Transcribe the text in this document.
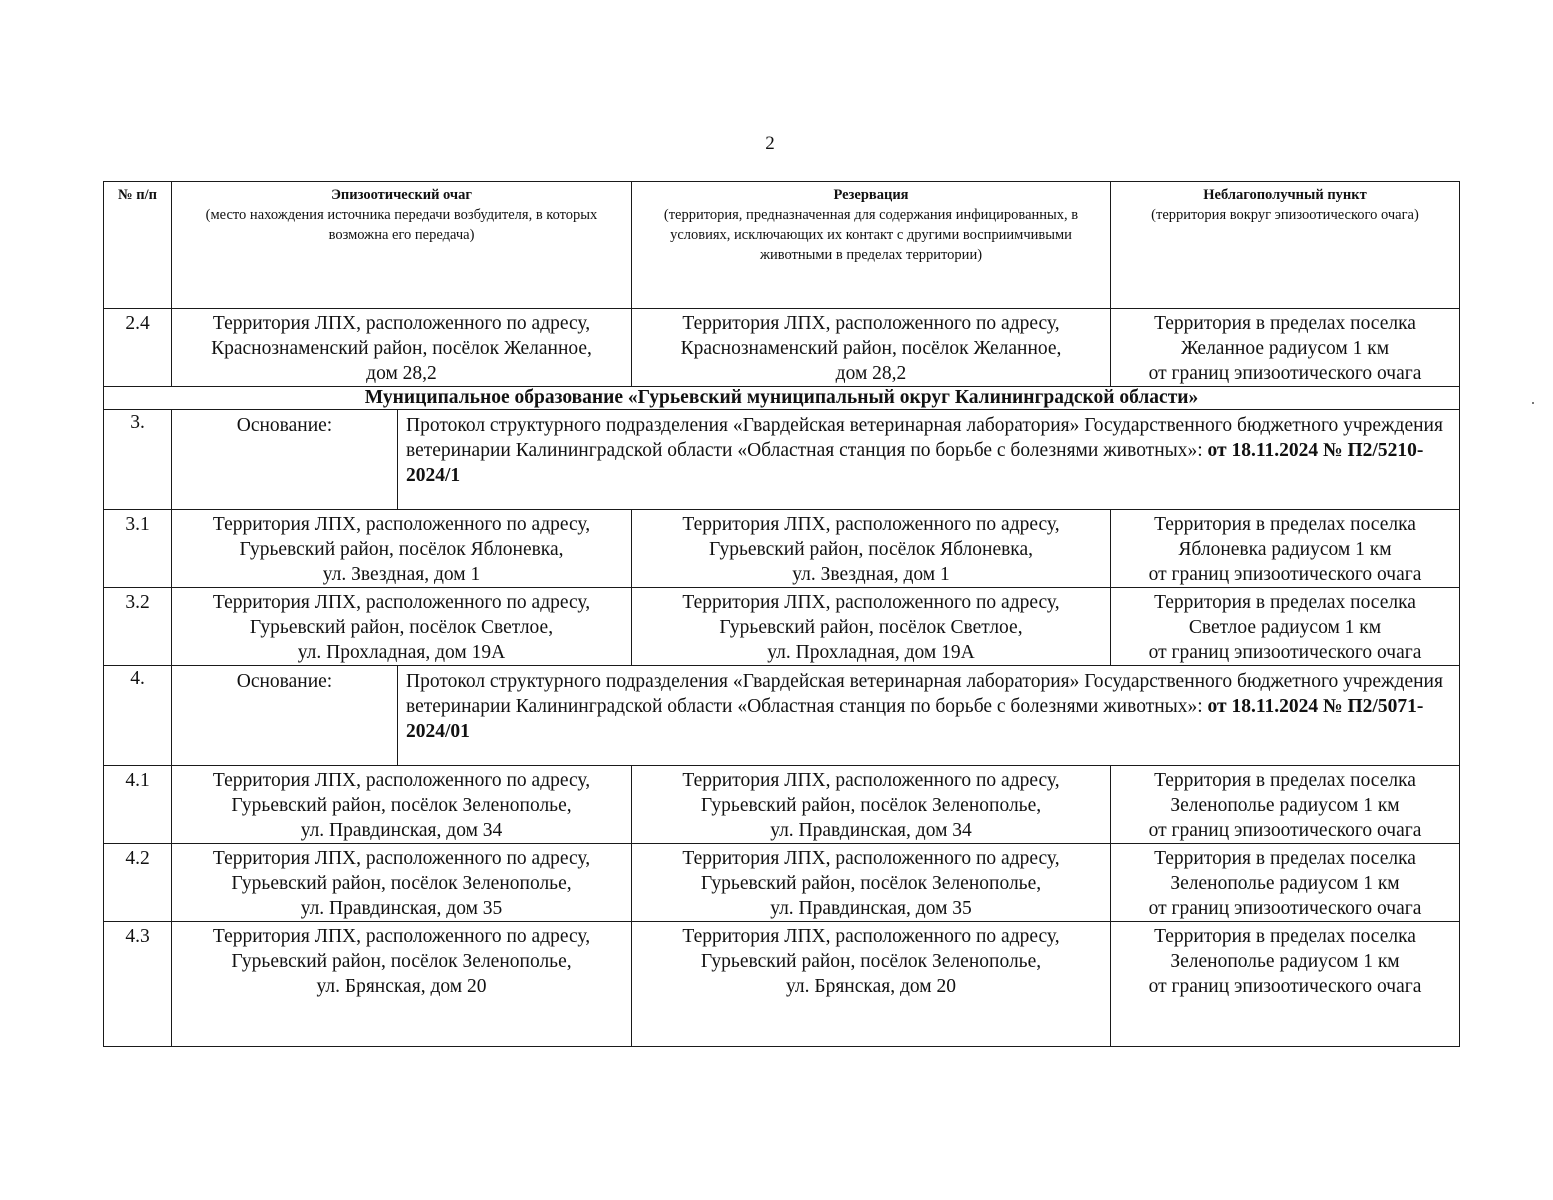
2
№ п/п	Эпизоотический очаг
(место нахождения источника передачи возбудителя, в которых возможна его передача)		Резервация
(территория, предназначенная для содержания инфицированных, в условиях, исключающих их контакт с другими восприимчивыми животными в пределах территории)	Неблагополучный пункт
(территория вокруг эпизоотического очага)

2.4	Территория ЛПХ, расположенного по адресу,
Краснознаменский район, посёлок Желанное,
дом 28,2		Территория ЛПХ, расположенного по адресу,
Краснознаменский район, посёлок Желанное,
дом 28,2	Территория в пределах поселка
Желанное радиусом 1 км
от границ эпизоотического очага

Муниципальное образование «Гурьевский муниципальный округ Калининградской области»				
3.	Основание:	Протокол структурного подразделения «Гвардейская ветеринарная лаборатория» Государственного бюджетного учреждения ветеринарии Калининградской области «Областная станция по борьбе с болезнями животных»: от 18.11.2024 № П2/5210-2024/1		
3.1	Территория ЛПХ, расположенного по адресу,
Гурьевский район, посёлок Яблоневка,
ул. Звездная, дом 1		Территория ЛПХ, расположенного по адресу,
Гурьевский район, посёлок Яблоневка,
ул. Звездная, дом 1	Территория в пределах поселка
Яблоневка радиусом 1 км
от границ эпизоотического очага

3.2	Территория ЛПХ, расположенного по адресу,
Гурьевский район, посёлок Светлое,
ул. Прохладная, дом 19А		Территория ЛПХ, расположенного по адресу,
Гурьевский район, посёлок Светлое,
ул. Прохладная, дом 19А	Территория в пределах поселка
Светлое радиусом 1 км
от границ эпизоотического очага

4.	Основание:	Протокол структурного подразделения «Гвардейская ветеринарная лаборатория» Государственного бюджетного учреждения ветеринарии Калининградской области «Областная станция по борьбе с болезнями животных»: от 18.11.2024 № П2/5071-2024/01		
4.1	Территория ЛПХ, расположенного по адресу,
Гурьевский район, посёлок Зеленополье,
ул. Правдинская, дом 34		Территория ЛПХ, расположенного по адресу,
Гурьевский район, посёлок Зеленополье,
ул. Правдинская, дом 34	Территория в пределах поселка
Зеленополье радиусом 1 км
от границ эпизоотического очага

4.2	Территория ЛПХ, расположенного по адресу,
Гурьевский район, посёлок Зеленополье,
ул. Правдинская, дом 35		Территория ЛПХ, расположенного по адресу,
Гурьевский район, посёлок Зеленополье,
ул. Правдинская, дом 35	Территория в пределах поселка
Зеленополье радиусом 1 км
от границ эпизоотического очага

4.3	Территория ЛПХ, расположенного по адресу,
Гурьевский район, посёлок Зеленополье,
ул. Брянская, дом 20		Территория ЛПХ, расположенного по адресу,
Гурьевский район, посёлок Зеленополье,
ул. Брянская, дом 20	Территория в пределах поселка
Зеленополье радиусом 1 км
от границ эпизоотического очага
